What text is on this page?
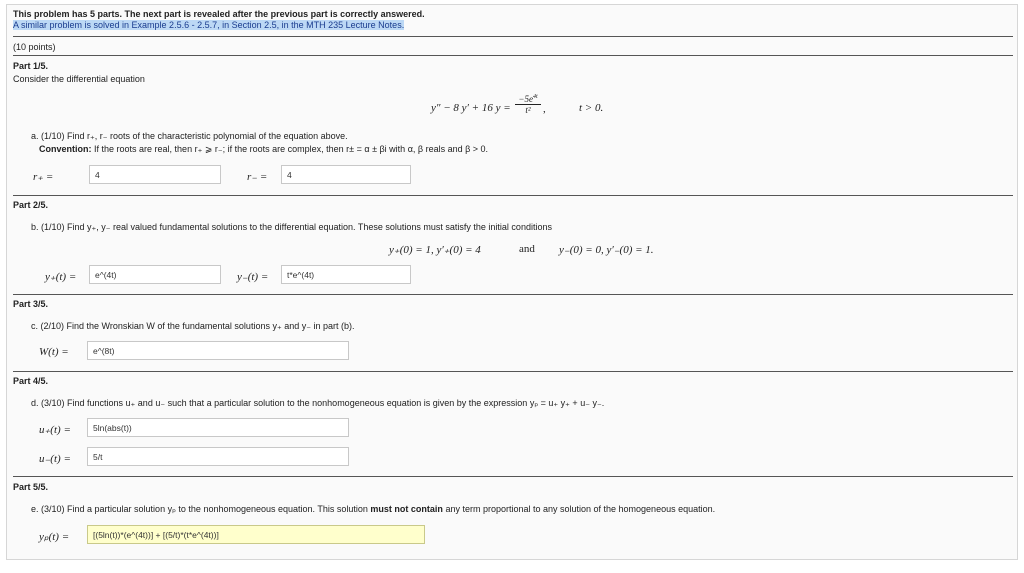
This problem has 5 parts. The next part is revealed after the previous part is correctly answered.
A similar problem is solved in Example 2.5.6 - 2.5.7, in Section 2.5, in the MTH 235 Lecture Notes.
(10 points)
Part 1/5.
Consider the differential equation
y″ − 8 y′ + 16 $y = \frac{-5e^{4t}}{\text{t²}}$ ,	t > 0.
a. (1/10) Find r₊, r₋ roots of the characteristic polynomial of the equation above.
Convention: If the roots are real, then r₊ ⩾ r₋; if the roots are complex, then r± = α ± βi with α, β reals and β > 0.
r₊ =	4	r₋ =	4
Part 2/5.
b. (1/10) Find y₊, y₋ real valued fundamental solutions to the differential equation. These solutions must satisfy the initial conditions
y₊(0) = 1, y′₊(0) = 4	and y₋(0) = 0, y′₋(0) = 1.
y₊(t) =	e^(4t)	y₋(t) =	t*e^(4t)
Part 3/5.
c. (2/10) Find the Wronskian W of the fundamental solutions y₊ and y₋ in part (b).
W(t) =	e^(8t)
Part 4/5.
d. (3/10) Find functions u₊ and u₋ such that a particular solution to the nonhomogeneous equation is given by the expression yₚ = u₊ y₊ + u₋ y₋.
u₊(t) =	5ln(abs(t))
u₋(t) =	5/t
Part 5/5.
e. (3/10) Find a particular solution yₚ to the nonhomogeneous equation. This solution must not contain any term proportional to any solution of the homogeneous equation.
yₚ(t) =	[(5ln(t))*(e^(4t))] + [(5/t)*(t*e^(4t))]
